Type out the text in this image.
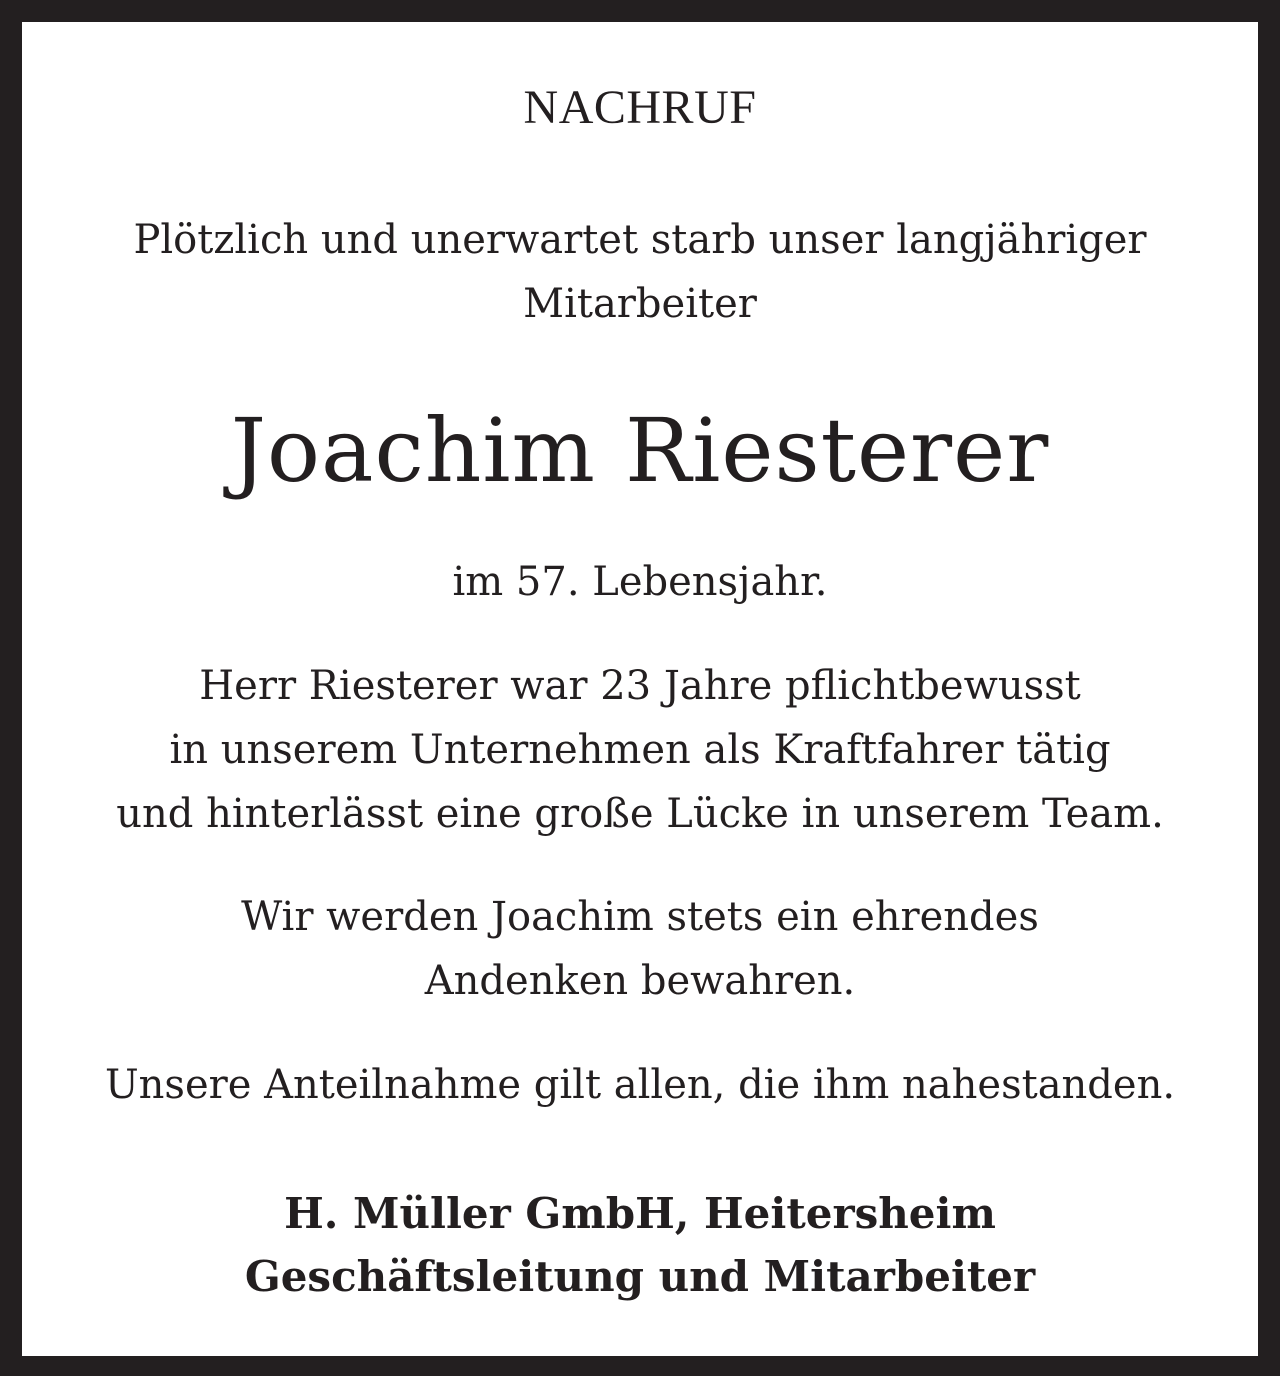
NACHRUF
Plötzlich und unerwartet starb unser langjähriger
Mitarbeiter
Joachim Riesterer
im 57. Lebensjahr.
Herr Riesterer war 23 Jahre pflichtbewusst
in unserem Unternehmen als Kraftfahrer tätig
und hinterlässt eine große Lücke in unserem Team.
Wir werden Joachim stets ein ehrendes
Andenken bewahren.
Unsere Anteilnahme gilt allen, die ihm nahestanden.
H. Müller GmbH, Heitersheim
Geschäftsleitung und Mitarbeiter
